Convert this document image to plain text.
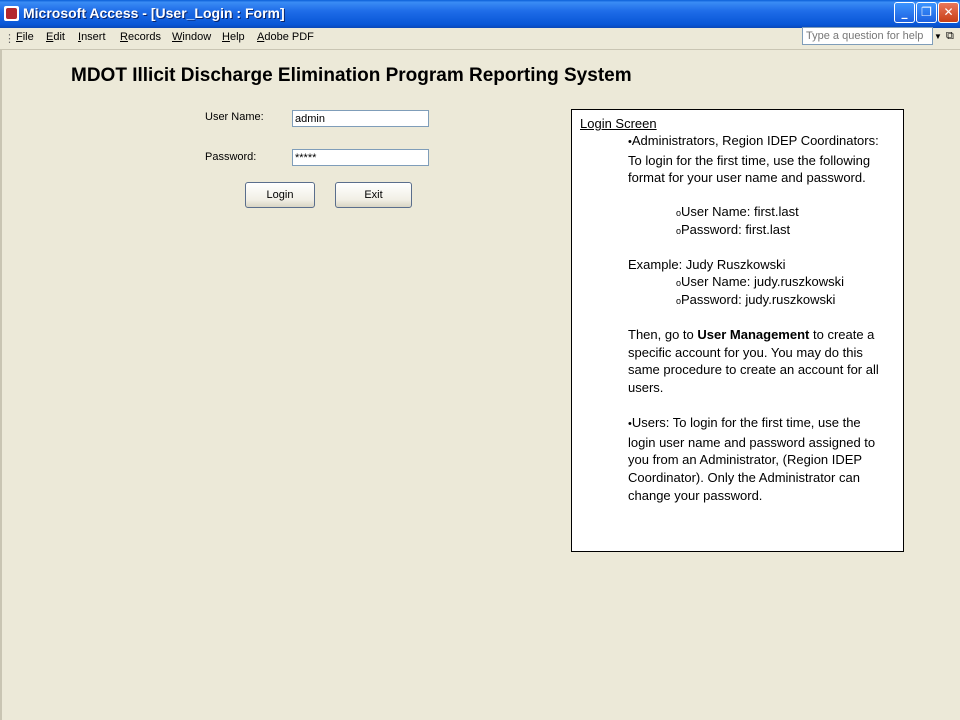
Microsoft Access - [User_Login : Form]	_	❐ ✕
⋮ File Edit Insert Records Window Help Adobe PDF	Type a question for help	▼ ⧉
MDOT Illicit Discharge Elimination Program Reporting System
User Name:
admin
Password:
*****
Login	Exit
Login Screen
•Administrators, Region IDEP Coordinators: To login for the first time, use the following format for your user name and password.
oUser Name: first.last
oPassword: first.last
Example: Judy Ruszkowski
oUser Name: judy.ruszkowski
oPassword: judy.ruszkowski
Then, go to User Management to create a specific account for you. You may do this same procedure to create an account for all users.
•Users: To login for the first time, use the login user name and password assigned to you from an Administrator, (Region IDEP Coordinator). Only the Administrator can change your password.
